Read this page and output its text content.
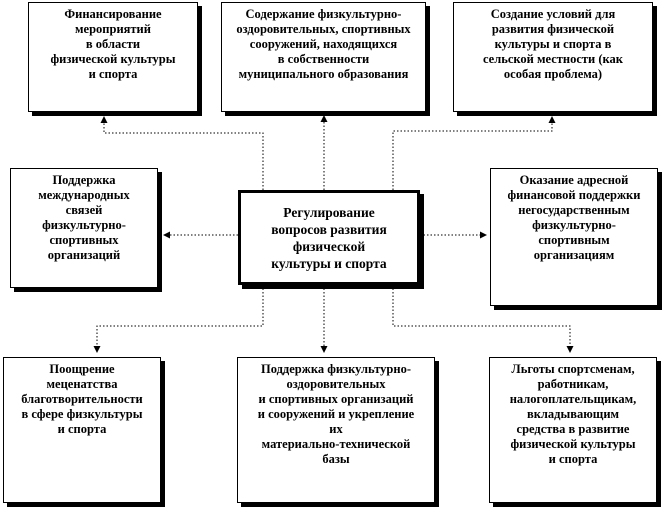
Финансирование
мероприятий
в области
физической культуры
и спорта
Содержание физкультурно-
оздоровительных, спортивных
сооружений, находящихся
в собственности
муниципального образования
Создание условий для
развития физической
культуры и спорта в
сельской местности (как
особая проблема)
Поддержка
международных
связей
физкультурно-
спортивных
организаций
Регулирование
вопросов развития
физической
культуры и спорта
Оказание адресной
финансовой поддержки
негосударственным
физкультурно-
спортивным
организациям
Поощрение
меценатства
благотворительности
в сфере физкультуры
и спорта
Поддержка физкультурно-
оздоровительных
и спортивных организаций
и сооружений и укрепление
их
материально-технической
базы
Льготы спортсменам,
работникам,
налогоплательщикам,
вкладывающим
средства в развитие
физической культуры
и спорта
